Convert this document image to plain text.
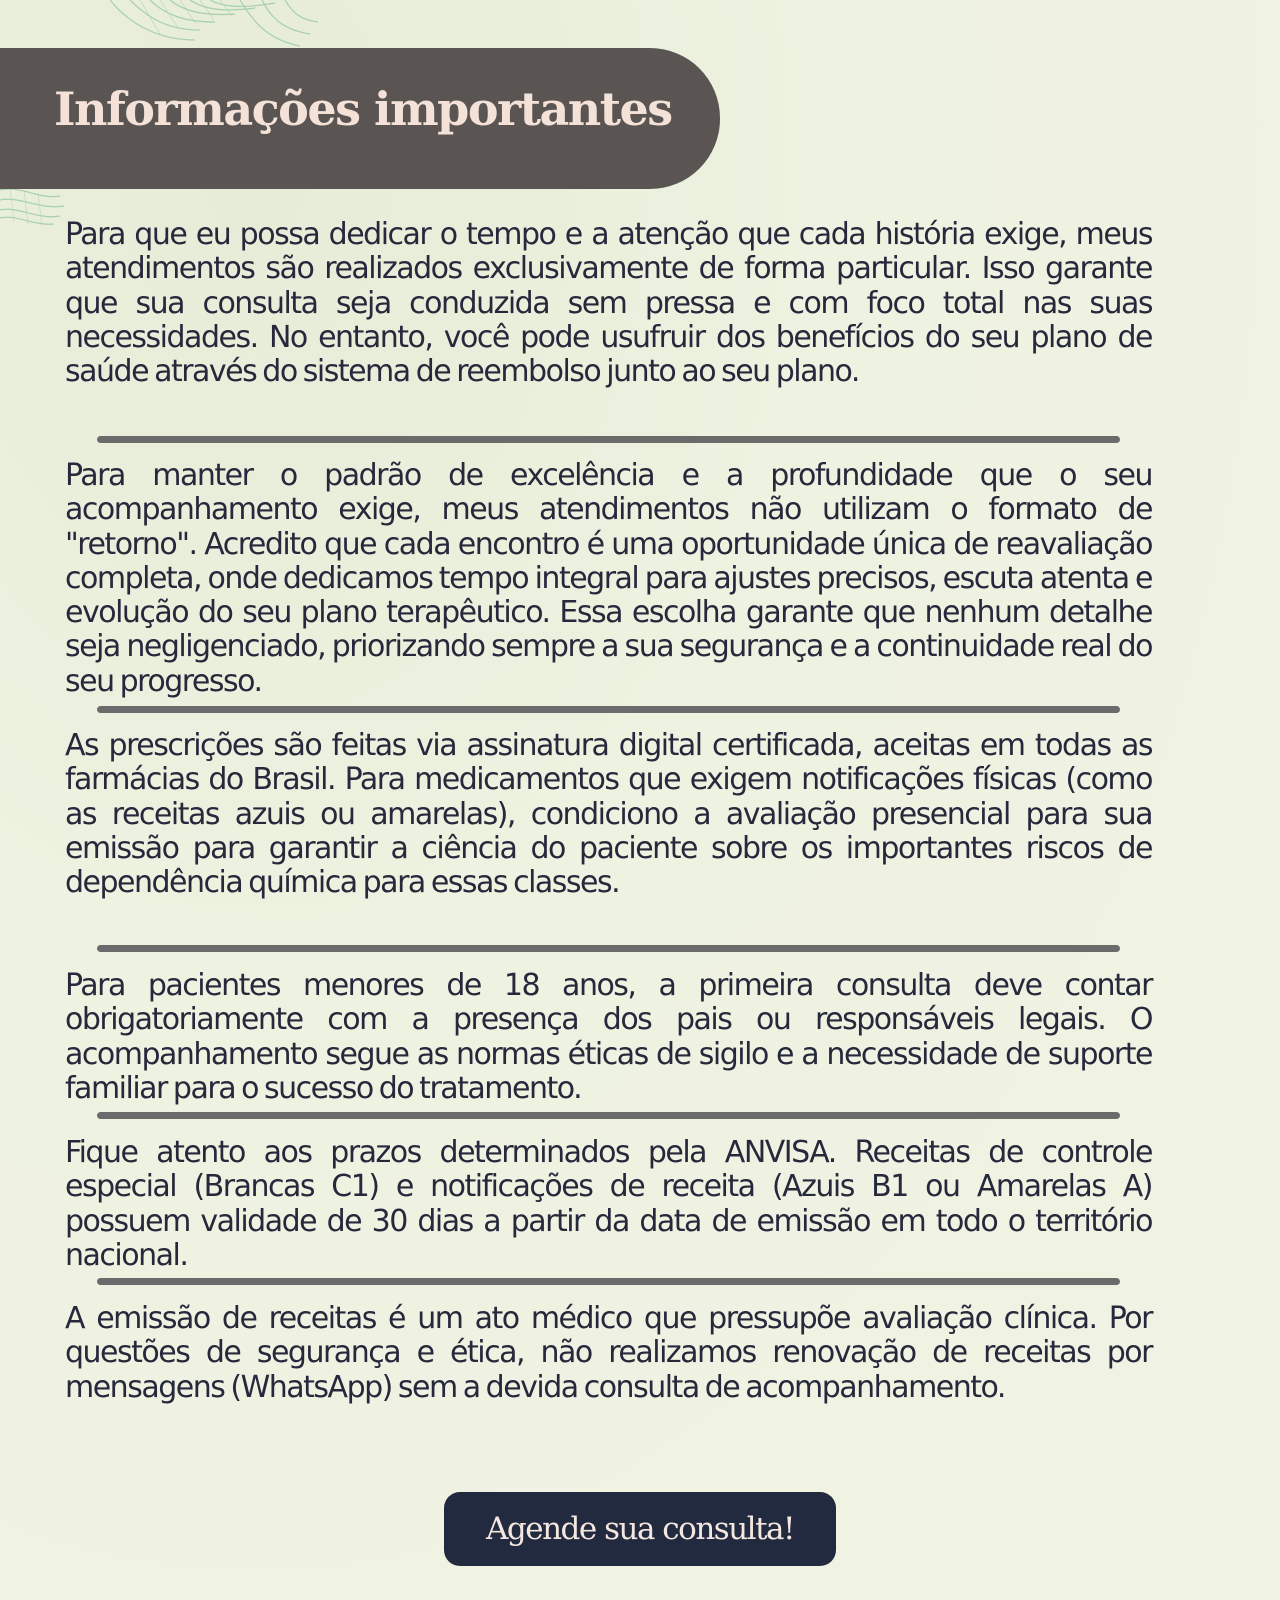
Informações importantes

Para que eu possa dedicar o tempo e a atenção que cada história exige, meus atendimentos são realizados exclusivamente de forma particular. Isso garante que sua consulta seja conduzida sem pressa e com foco total nas suas necessidades. No entanto, você pode usufruir dos benefícios do seu plano de saúde através do sistema de reembolso junto ao seu plano.

Para manter o padrão de excelência e a profundidade que o seu acompanhamento exige, meus atendimentos não utilizam o formato de "retorno". Acredito que cada encontro é uma oportunidade única de reavaliação completa, onde dedicamos tempo integral para ajustes precisos, escuta atenta e evolução do seu plano terapêutico. Essa escolha garante que nenhum detalhe seja negligenciado, priorizando sempre a sua segurança e a continuidade real do seu progresso.

As prescrições são feitas via assinatura digital certificada, aceitas em todas as farmácias do Brasil. Para medicamentos que exigem notificações físicas (como as receitas azuis ou amarelas), condiciono a avaliação presencial para sua emissão para garantir a ciência do paciente sobre os importantes riscos de dependência química para essas classes.

Para pacientes menores de 18 anos, a primeira consulta deve contar obrigatoriamente com a presença dos pais ou responsáveis legais. O acompanhamento segue as normas éticas de sigilo e a necessidade de suporte familiar para o sucesso do tratamento.

Fique atento aos prazos determinados pela ANVISA. Receitas de controle especial (Brancas C1) e notificações de receita (Azuis B1 ou Amarelas A) possuem validade de 30 dias a partir da data de emissão em todo o território nacional.

A emissão de receitas é um ato médico que pressupõe avaliação clínica. Por questões de segurança e ética, não realizamos renovação de receitas por mensagens (WhatsApp) sem a devida consulta de acompanhamento.

Agende sua consulta!
